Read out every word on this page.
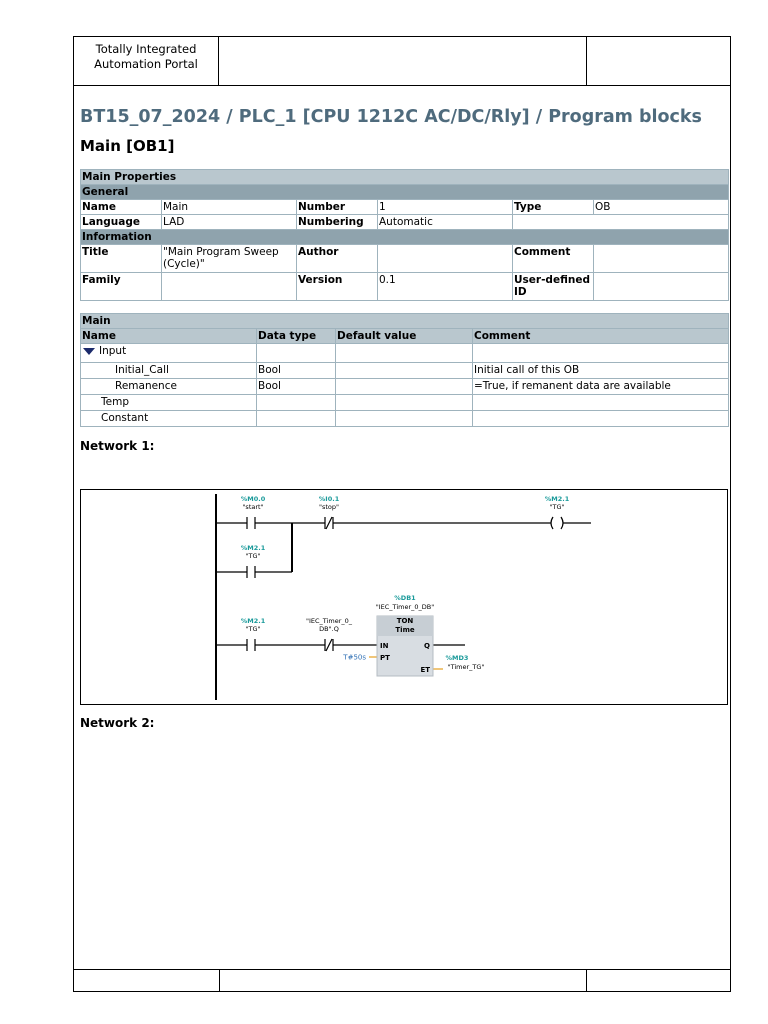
Totally Integrated
Automation Portal
BT15_07_2024 / PLC_1 [CPU 1212C AC/DC/Rly] / Program blocks
Main [OB1]
Main Properties					
General					
Name	Main	Number	1	Type	OB
Language	LAD	Numbering	Automatic		
Information					
Title	"Main Program Sweep (Cycle)"	Author		Comment	
Family		Version	0.1	User-defined ID	
Main			
Name	Data type	Default value	Comment
Input			
Initial_Call	Bool		Initial call of this OB
Remanence	Bool		=True, if remanent data are available
Temp			
Constant			
Network 1:
%M0.0
"start"
%I0.1
"stop"
%M2.1
"TG"
%M2.1
"TG"
%DB1
"IEC_Timer_0_DB"
TON
Time
%M2.1
"TG"
"IEC_Timer_0_
DB".Q
%MD3
"Timer_TG"
IN
PT
Q
ET
T#50s
Network 2:
